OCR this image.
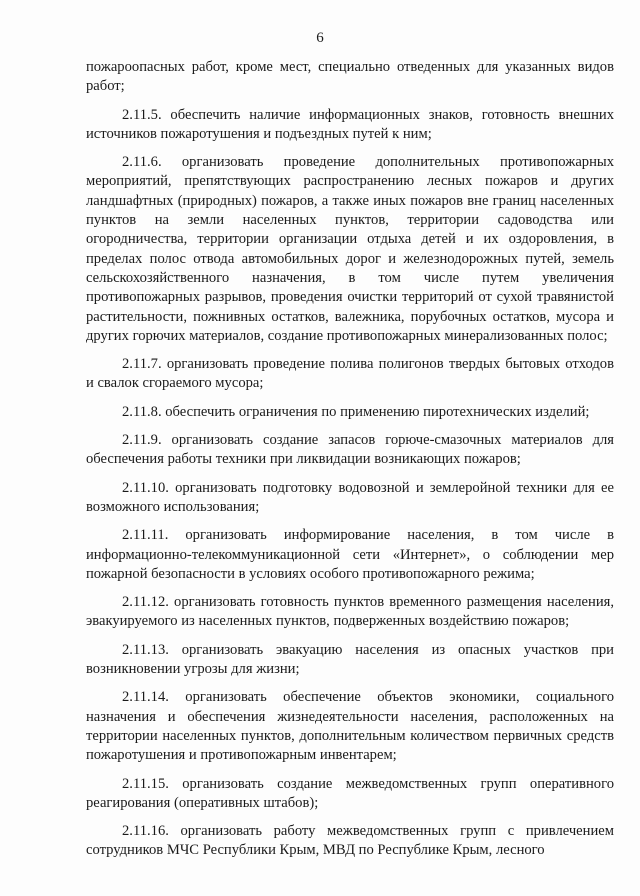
6

пожароопасных работ, кроме мест, специально отведенных для указанных видов работ;

2.11.5. обеспечить наличие информационных знаков, готовность внешних источников пожаротушения и подъездных путей к ним;

2.11.6. организовать проведение дополнительных противопожарных мероприятий, препятствующих распространению лесных пожаров и других ландшафтных (природных) пожаров, а также иных пожаров вне границ населенных пунктов на земли населенных пунктов, территории садоводства или огородничества, территории организации отдыха детей и их оздоровления, в пределах полос отвода автомобильных дорог и железнодорожных путей, земель сельскохозяйственного назначения, в том числе путем увеличения противопожарных разрывов, проведения очистки территорий от сухой травянистой растительности, пожнивных остатков, валежника, порубочных остатков, мусора и других горючих материалов, создание противопожарных минерализованных полос;

2.11.7. организовать проведение полива полигонов твердых бытовых отходов и свалок сгораемого мусора;

2.11.8. обеспечить ограничения по применению пиротехнических изделий;

2.11.9. организовать создание запасов горюче-смазочных материалов для обеспечения работы техники при ликвидации возникающих пожаров;

2.11.10. организовать подготовку водовозной и землеройной техники для ее возможного использования;

2.11.11. организовать информирование населения, в том числе в информационно-телекоммуникационной сети «Интернет», о соблюдении мер пожарной безопасности в условиях особого противопожарного режима;

2.11.12. организовать готовность пунктов временного размещения населения, эвакуируемого из населенных пунктов, подверженных воздействию пожаров;

2.11.13. организовать эвакуацию населения из опасных участков при возникновении угрозы для жизни;

2.11.14. организовать обеспечение объектов экономики, социального назначения и обеспечения жизнедеятельности населения, расположенных на территории населенных пунктов, дополнительным количеством первичных средств пожаротушения и противопожарным инвентарем;

2.11.15. организовать создание межведомственных групп оперативного реагирования (оперативных штабов);

2.11.16. организовать работу межведомственных групп с привлечением сотрудников МЧС Республики Крым, МВД по Республике Крым, лесного
